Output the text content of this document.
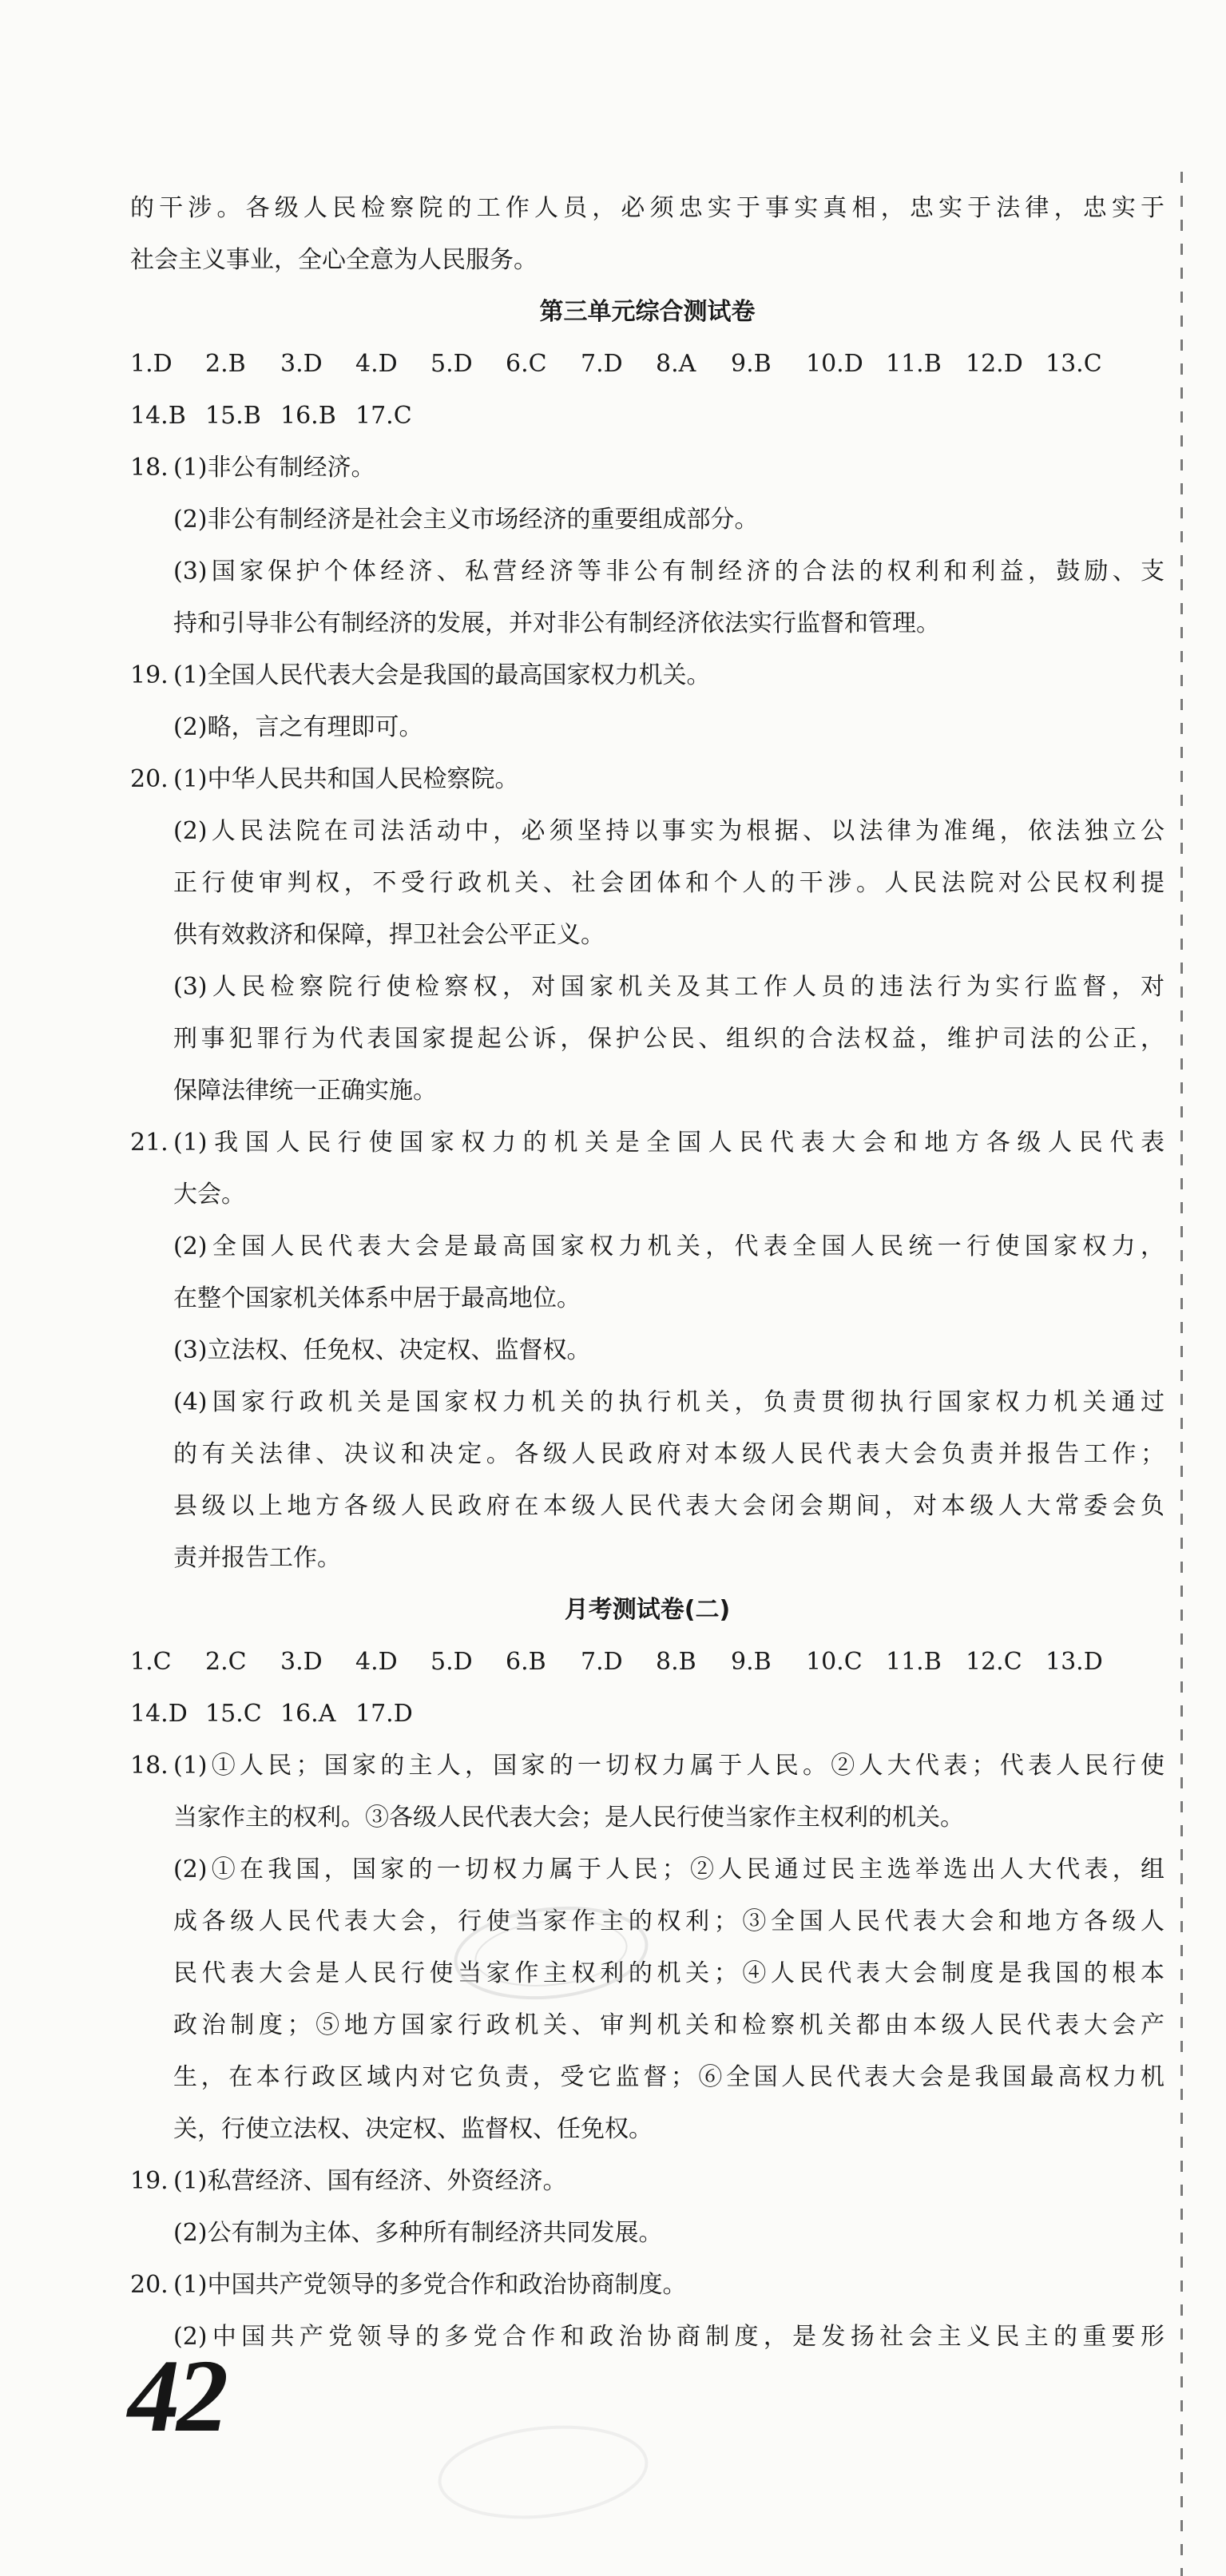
的干涉。各级人民检察院的工作人员，必须忠实于事实真相，忠实于法律，忠实于
社会主义事业，全心全意为人民服务。
第三单元综合测试卷
1.D	2.B	3.D	4.D	5.D	6.C	7.D	8.A	9.B	10.D 11.B	12.D 13.C
14.B 15.B 16.B 17.C
18. (1)非公有制经济。
(2)非公有制经济是社会主义市场经济的重要组成部分。
(3)国家保护个体经济、私营经济等非公有制经济的合法的权利和利益，鼓励、支
持和引导非公有制经济的发展，并对非公有制经济依法实行监督和管理。
19. (1)全国人民代表大会是我国的最高国家权力机关。
(2)略，言之有理即可。
20. (1)中华人民共和国人民检察院。
(2)人民法院在司法活动中，必须坚持以事实为根据、以法律为准绳，依法独立公
正行使审判权，不受行政机关、社会团体和个人的干涉。人民法院对公民权利提
供有效救济和保障，捍卫社会公平正义。
(3)人民检察院行使检察权，对国家机关及其工作人员的违法行为实行监督，对
刑事犯罪行为代表国家提起公诉，保护公民、组织的合法权益，维护司法的公正，
保障法律统一正确实施。
21. (1)我国人民行使国家权力的机关是全国人民代表大会和地方各级人民代表
大会。
(2)全国人民代表大会是最高国家权力机关，代表全国人民统一行使国家权力，
在整个国家机关体系中居于最高地位。
(3)立法权、任免权、决定权、监督权。
(4)国家行政机关是国家权力机关的执行机关，负责贯彻执行国家权力机关通过
的有关法律、决议和决定。各级人民政府对本级人民代表大会负责并报告工作；
县级以上地方各级人民政府在本级人民代表大会闭会期间，对本级人大常委会负
责并报告工作。
月考测试卷(二)
1.C	2.C	3.D	4.D	5.D	6.B	7.D	8.B	9.B	10.C 11.B	12.C 13.D
14.D 15.C 16.A 17.D
18. (1)①人民；国家的主人，国家的一切权力属于人民。②人大代表；代表人民行使
当家作主的权利。③各级人民代表大会；是人民行使当家作主权利的机关。
(2)①在我国，国家的一切权力属于人民；②人民通过民主选举选出人大代表，组
成各级人民代表大会，行使当家作主的权利；③全国人民代表大会和地方各级人
民代表大会是人民行使当家作主权利的机关；④人民代表大会制度是我国的根本
政治制度；⑤地方国家行政机关、审判机关和检察机关都由本级人民代表大会产
生，在本行政区域内对它负责，受它监督；⑥全国人民代表大会是我国最高权力机
关，行使立法权、决定权、监督权、任免权。
19. (1)私营经济、国有经济、外资经济。
(2)公有制为主体、多种所有制经济共同发展。
20. (1)中国共产党领导的多党合作和政治协商制度。
(2)中国共产党领导的多党合作和政治协商制度，是发扬社会主义民主的重要形
42
